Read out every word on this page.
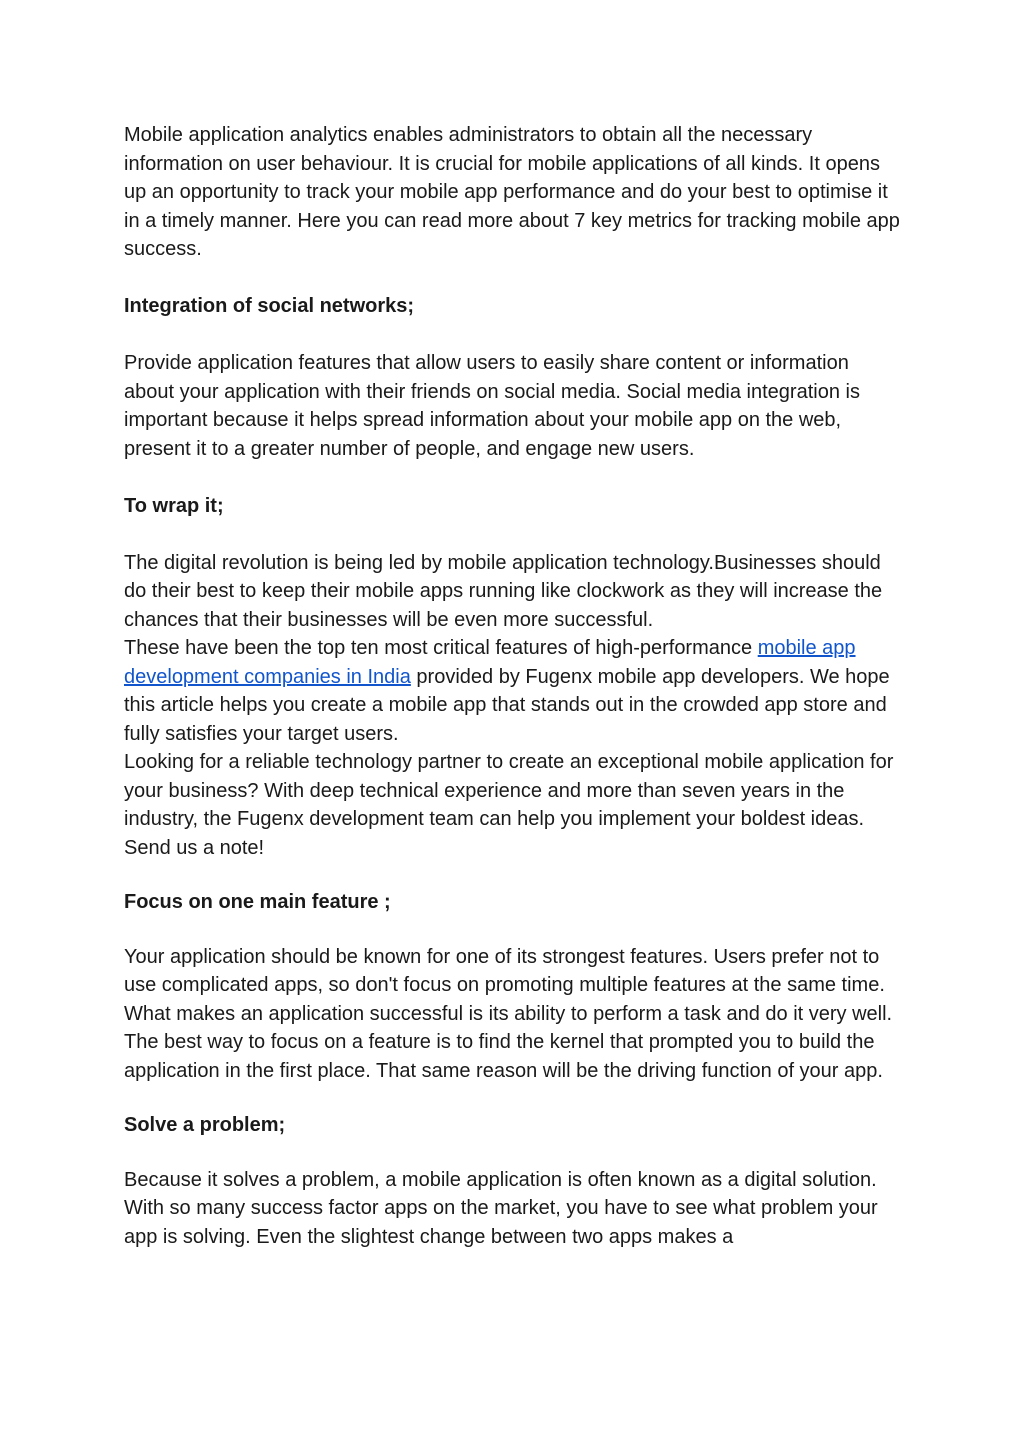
Mobile application analytics enables administrators to obtain all the necessary information on user behaviour. It is crucial for mobile applications of all kinds. It opens up an opportunity to track your mobile app performance and do your best to optimise it in a timely manner. Here you can read more about 7 key metrics for tracking mobile app success.

Integration of social networks;

Provide application features that allow users to easily share content or information about your application with their friends on social media. Social media integration is important because it helps spread information about your mobile app on the web, present it to a greater number of people, and engage new users.

To wrap it;

The digital revolution is being led by mobile application technology.Businesses should do their best to keep their mobile apps running like clockwork as they will increase the chances that their businesses will be even more successful.

These have been the top ten most critical features of high-performance mobile app development companies in India provided by Fugenx mobile app developers. We hope this article helps you create a mobile app that stands out in the crowded app store and fully satisfies your target users.

Looking for a reliable technology partner to create an exceptional mobile application for your business? With deep technical experience and more than seven years in the industry, the Fugenx development team can help you implement your boldest ideas. Send us a note!

Focus on one main feature ;

Your application should be known for one of its strongest features. Users prefer not to use complicated apps, so don't focus on promoting multiple features at the same time. What makes an application successful is its ability to perform a task and do it very well. The best way to focus on a feature is to find the kernel that prompted you to build the application in the first place. That same reason will be the driving function of your app.

Solve a problem;

Because it solves a problem, a mobile application is often known as a digital solution. With so many success factor apps on the market, you have to see what problem your app is solving. Even the slightest change between two apps makes a
